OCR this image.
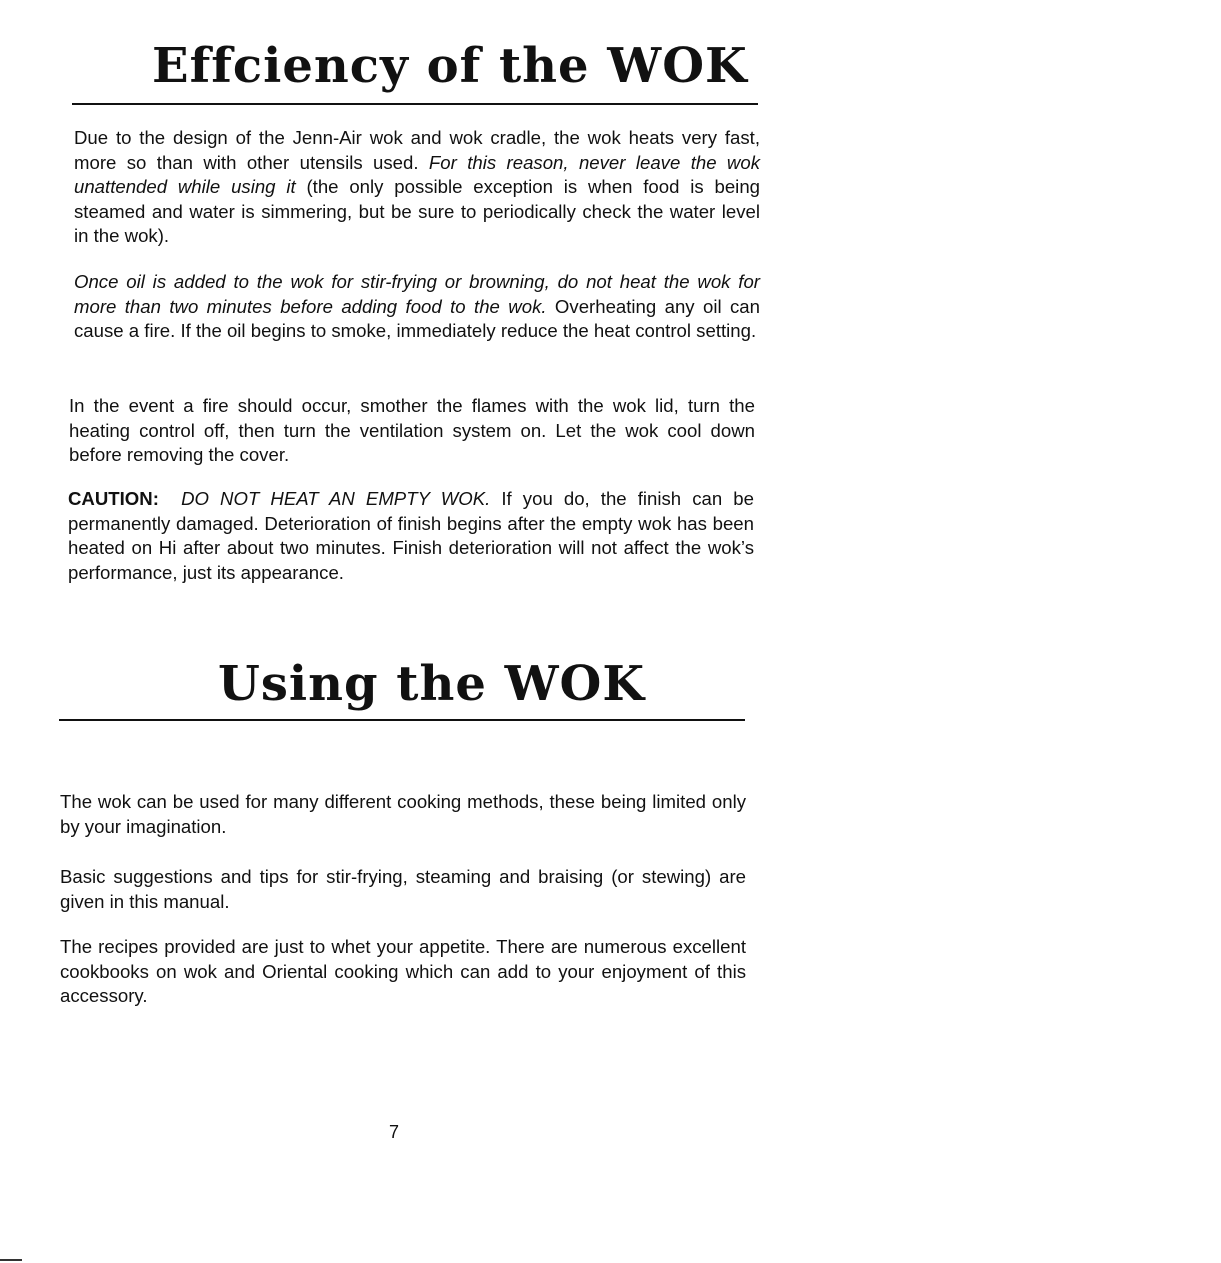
Effciency of the WOK

Due to the design of the Jenn-Air wok and wok cradle, the wok heats very fast, more so than with other utensils used. For this reason, never leave the wok unattended while using it (the only possible exception is when food is being steamed and water is simmering, but be sure to periodically check the water level in the wok).

Once oil is added to the wok for stir-frying or browning, do not heat the wok for more than two minutes before adding food to the wok. Overheating any oil can cause a fire. If the oil begins to smoke, immediately reduce the heat control setting.

In the event a fire should occur, smother the flames with the wok lid, turn the heating control off, then turn the ventilation system on. Let the wok cool down before removing the cover.

CAUTION: DO NOT HEAT AN EMPTY WOK. If you do, the finish can be permanently damaged. Deterioration of finish begins after the empty wok has been heated on Hi after about two minutes. Finish deterioration will not affect the wok’s performance, just its appearance.

Using the WOK

The wok can be used for many different cooking methods, these being limited only by your imagination.

Basic suggestions and tips for stir-frying, steaming and braising (or stewing) are given in this manual.

The recipes provided are just to whet your appetite. There are numerous excellent cookbooks on wok and Oriental cooking which can add to your enjoyment of this accessory.

7
